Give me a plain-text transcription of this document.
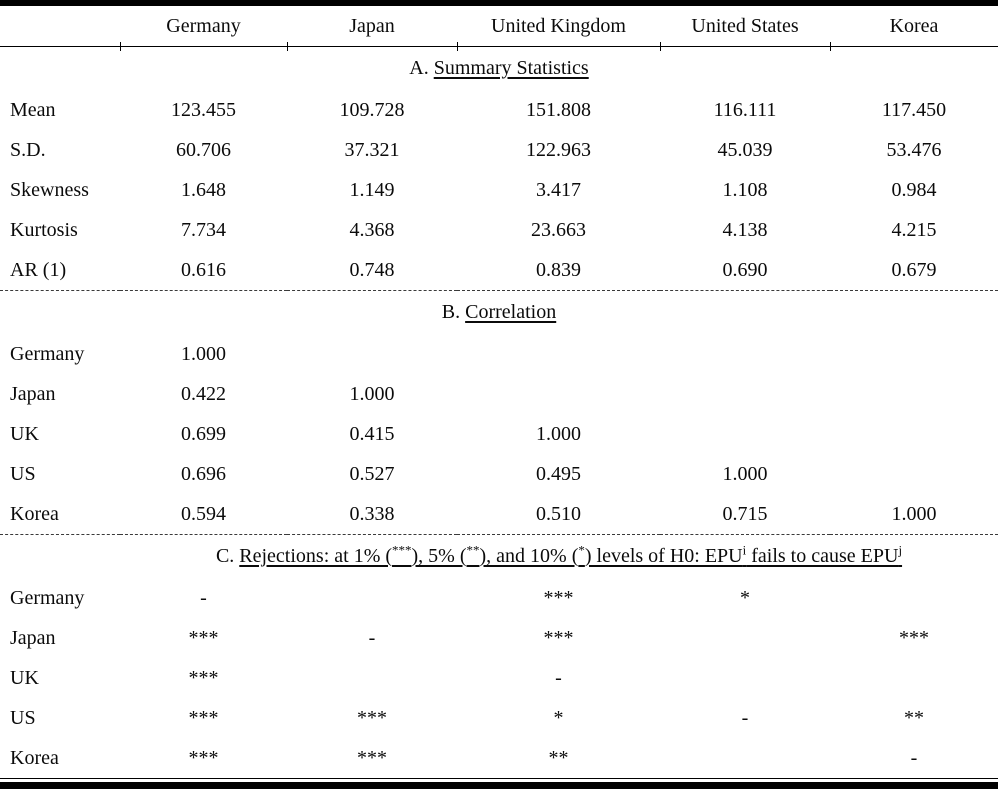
	Germany	Japan	United Kingdom	United States	Korea
A. Summary Statistics					
Mean	123.455	109.728	151.808	116.111	117.450
S.D.	60.706	37.321	122.963	45.039	53.476
Skewness	1.648	1.149	3.417	1.108	0.984
Kurtosis	7.734	4.368	23.663	4.138	4.215
AR (1)	0.616	0.748	0.839	0.690	0.679
B. Correlation					
Germany	1.000				
Japan	0.422	1.000			
UK	0.699	0.415	1.000		
US	0.696	0.527	0.495	1.000	
Korea	0.594	0.338	0.510	0.715	1.000
	C. Rejections: at 1% (***), 5% (**), and 10% (*) levels of H0: EPU$^i$ fails to cause EPU$^j$
Germany	-		***	*	
Japan	***	-	***		***
UK	***		-		
US	***	***	*	-	**
Korea	***	***	**		-
